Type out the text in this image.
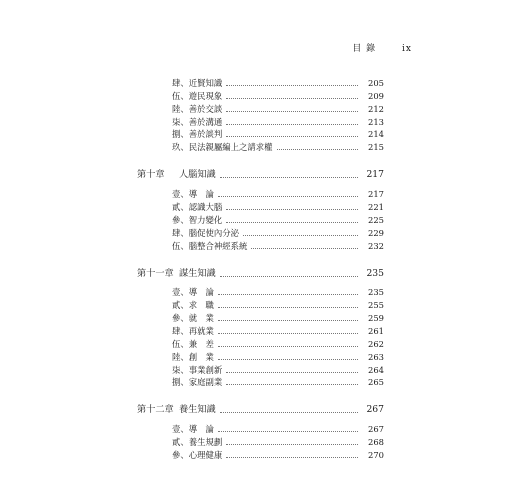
目 錄	ix
肆、近賢知識	205
伍、遊民現象	209
陸、善於交談	212
柒、善於溝通	213
捌、善於談判	214
玖、民法親屬編上之請求權	215
第十章 人腦知識	217
壹、導　論	217
貳、認識大腦	221
參、智力變化	225
肆、腦促使內分泌	229
伍、腦整合神經系統	232
第十一章 謀生知識	235
壹、導　論	235
貳、求　職	255
參、就　業	259
肆、再就業	261
伍、兼　差	262
陸、創　業	263
柒、事業創新	264
捌、家庭副業	265
第十二章 養生知識	267
壹、導　論	267
貳、養生規劃	268
參、心理健康	270
